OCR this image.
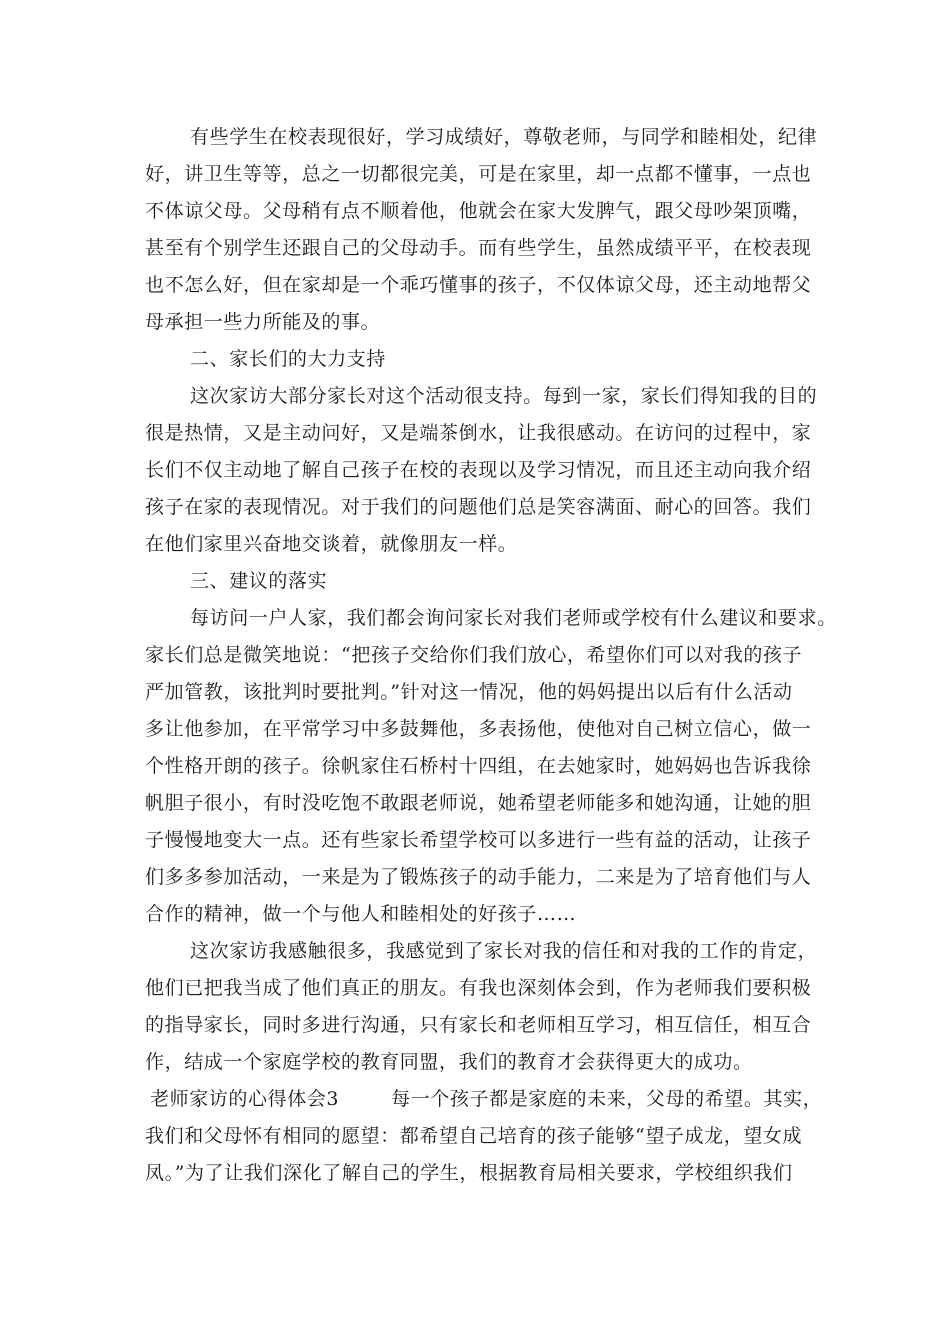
有些学生在校表现很好，学习成绩好，尊敬老师，与同学和睦相处，纪律
好，讲卫生等等，总之一切都很完美，可是在家里，却一点都不懂事，一点也
不体谅父母。父母稍有点不顺着他，他就会在家大发脾气，跟父母吵架顶嘴，
甚至有个别学生还跟自己的父母动手。而有些学生，虽然成绩平平，在校表现
也不怎么好，但在家却是一个乖巧懂事的孩子，不仅体谅父母，还主动地帮父
母承担一些力所能及的事。
二、家长们的大力支持
这次家访大部分家长对这个活动很支持。每到一家，家长们得知我的目的
很是热情，又是主动问好，又是端茶倒水，让我很感动。在访问的过程中，家
长们不仅主动地了解自己孩子在校的表现以及学习情况，而且还主动向我介绍
孩子在家的表现情况。对于我们的问题他们总是笑容满面、耐心的回答。我们
在他们家里兴奋地交谈着，就像朋友一样。
三、建议的落实
每访问一户人家，我们都会询问家长对我们老师或学校有什么建议和要求。
家长们总是微笑地说：“把孩子交给你们我们放心，希望你们可以对我的孩子
严加管教，该批判时要批判。”针对这一情况，他的妈妈提出以后有什么活动
多让他参加，在平常学习中多鼓舞他，多表扬他，使他对自己树立信心，做一
个性格开朗的孩子。徐帆家住石桥村十四组，在去她家时，她妈妈也告诉我徐
帆胆子很小，有时没吃饱不敢跟老师说，她希望老师能多和她沟通，让她的胆
子慢慢地变大一点。还有些家长希望学校可以多进行一些有益的活动，让孩子
们多多参加活动，一来是为了锻炼孩子的动手能力，二来是为了培育他们与人
合作的精神，做一个与他人和睦相处的好孩子……
这次家访我感触很多，我感觉到了家长对我的信任和对我的工作的肯定，
他们已把我当成了他们真正的朋友。有我也深刻体会到，作为老师我们要积极
的指导家长，同时多进行沟通，只有家长和老师相互学习，相互信任，相互合
作，结成一个家庭学校的教育同盟，我们的教育才会获得更大的成功。
老师家访的心得体会3	每一个孩子都是家庭的未来，父母的希望。其实，
我们和父母怀有相同的愿望：都希望自己培育的孩子能够“望子成龙，望女成
凤。”为了让我们深化了解自己的学生，根据教育局相关要求，学校组织我们
